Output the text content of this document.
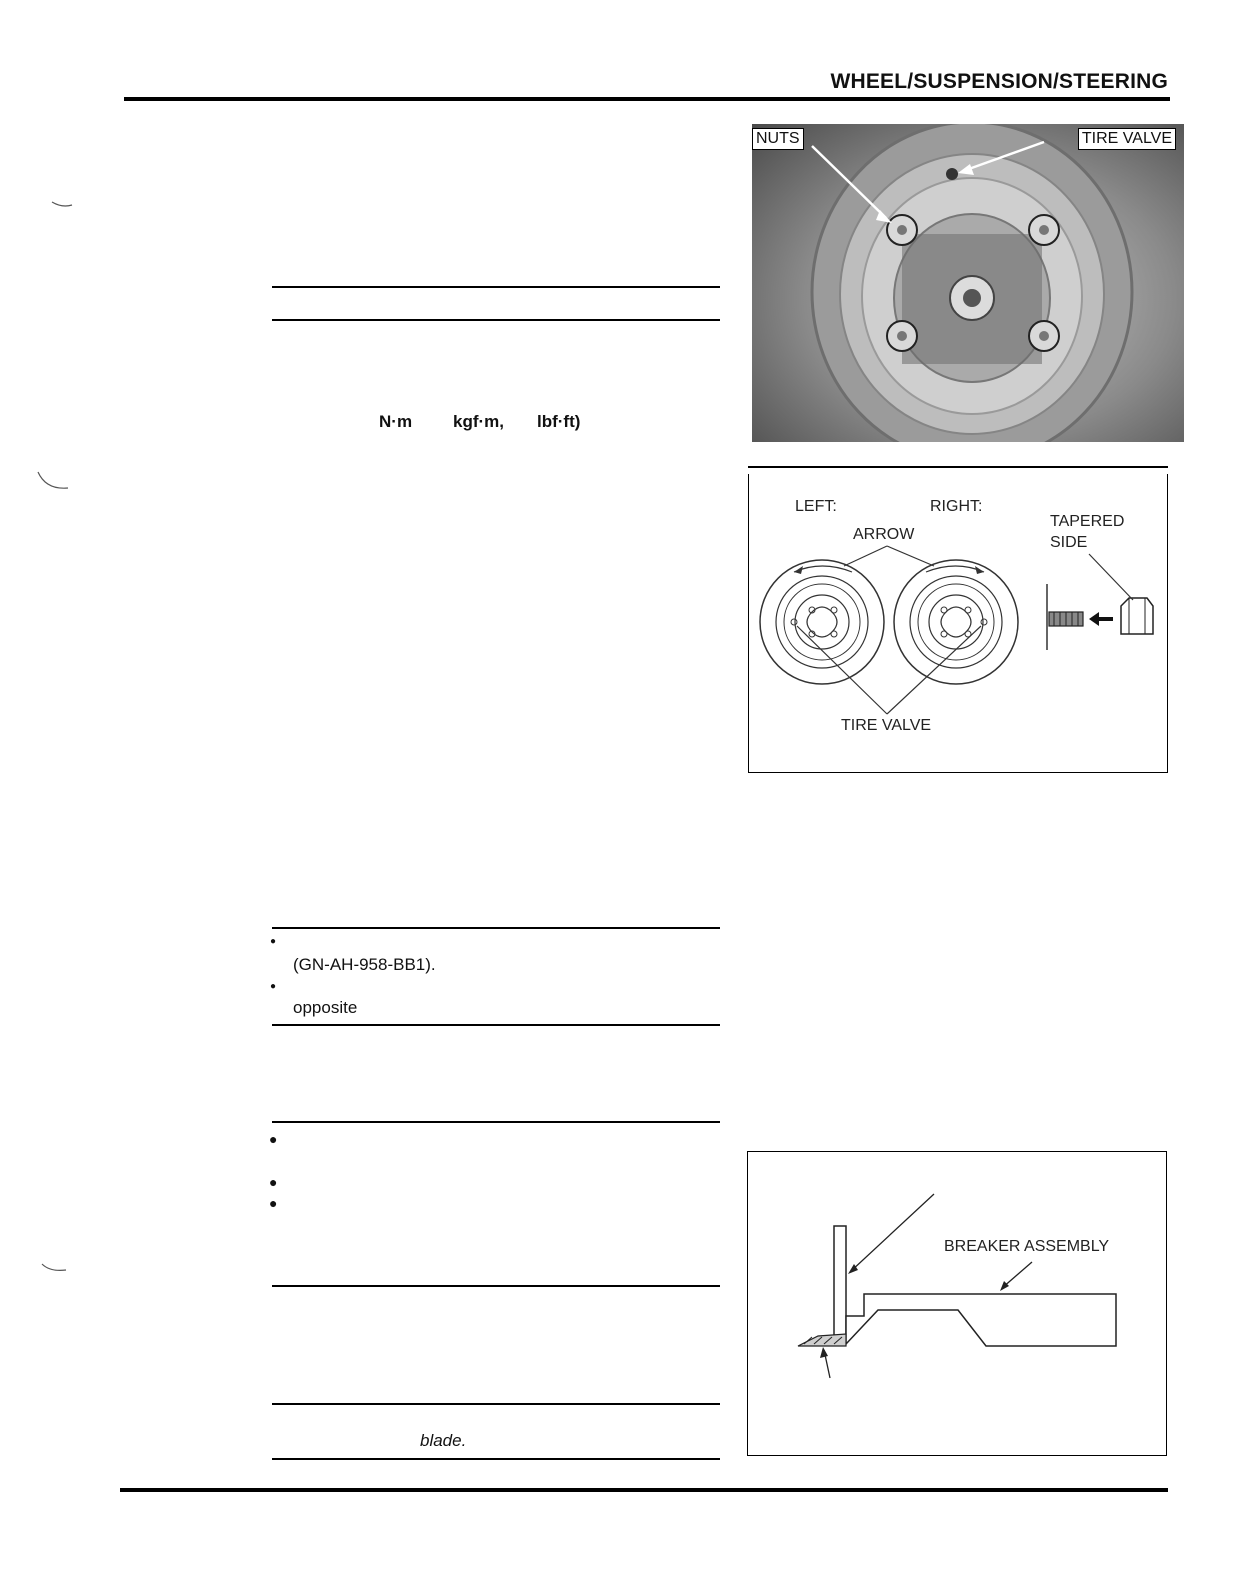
WHEEL/SUSPENSION/STEERING
N·m kgf·m, lbf·ft)
●
(GN-AH-958-BB1).
●
opposite
●
●
●
blade.
NUTS	TIRE VALVE
LEFT:	RIGHT:
ARROW
TAPERED
SIDE
TIRE VALVE
BREAKER ASSEMBLY
